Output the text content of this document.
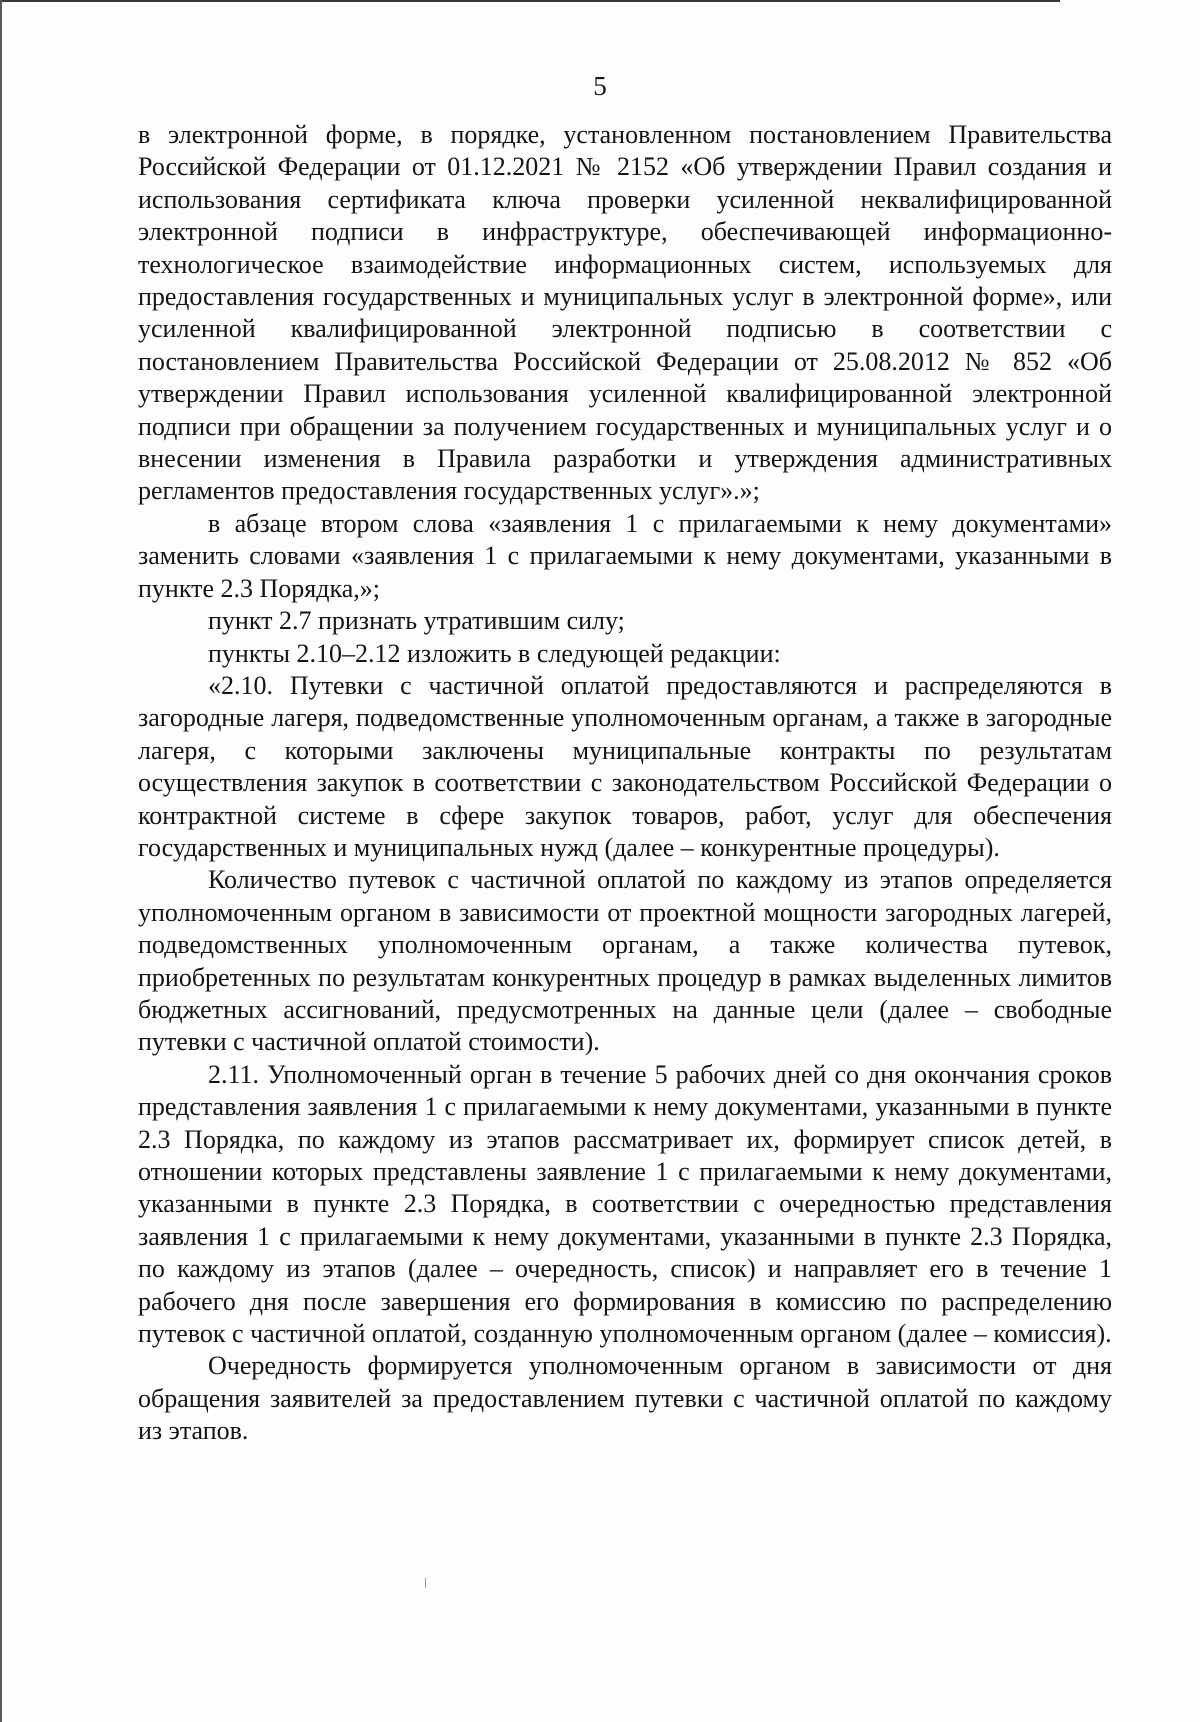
5

в электронной форме, в порядке, установленном постановлением Правительства Российской Федерации от 01.12.2021 № 2152 «Об утверждении Правил создания и использования сертификата ключа проверки усиленной неквалифицированной электронной подписи в инфраструктуре, обеспечивающей информационно-технологическое взаимодействие информационных систем, используемых для предоставления государственных и муниципальных услуг в электронной форме», или усиленной квалифицированной электронной подписью в соответствии с постановлением Правительства Российской Федерации от 25.08.2012 № 852 «Об утверждении Правил использования усиленной квалифицированной электронной подписи при обращении за получением государственных и муниципальных услуг и о внесении изменения в Правила разработки и утверждения административных регламентов предоставления государственных услуг».»;

в абзаце втором слова «заявления 1 с прилагаемыми к нему документами» заменить словами «заявления 1 с прилагаемыми к нему документами, указанными в пункте 2.3 Порядка,»;

пункт 2.7 признать утратившим силу;

пункты 2.10–2.12 изложить в следующей редакции:

«2.10. Путевки с частичной оплатой предоставляются и распределяются в загородные лагеря, подведомственные уполномоченным органам, а также в загородные лагеря, с которыми заключены муниципальные контракты по результатам осуществления закупок в соответствии с законодательством Российской Федерации о контрактной системе в сфере закупок товаров, работ, услуг для обеспечения государственных и муниципальных нужд (далее – конкурентные процедуры).

Количество путевок с частичной оплатой по каждому из этапов определяется уполномоченным органом в зависимости от проектной мощности загородных лагерей, подведомственных уполномоченным органам, а также количества путевок, приобретенных по результатам конкурентных процедур в рамках выделенных лимитов бюджетных ассигнований, предусмотренных на данные цели (далее – свободные путевки с частичной оплатой стоимости).

2.11. Уполномоченный орган в течение 5 рабочих дней со дня окончания сроков представления заявления 1 с прилагаемыми к нему документами, указанными в пункте 2.3 Порядка, по каждому из этапов рассматривает их, формирует список детей, в отношении которых представлены заявление 1 с прилагаемыми к нему документами, указанными в пункте 2.3 Порядка, в соответствии с очередностью представления заявления 1 с прилагаемыми к нему документами, указанными в пункте 2.3 Порядка, по каждому из этапов (далее – очередность, список) и направляет его в течение 1 рабочего дня после завершения его формирования в комиссию по распределению путевок с частичной оплатой, созданную уполномоченным органом (далее – комиссия).

Очередность формируется уполномоченным органом в зависимости от дня обращения заявителей за предоставлением путевки с частичной оплатой по каждому из этапов.
